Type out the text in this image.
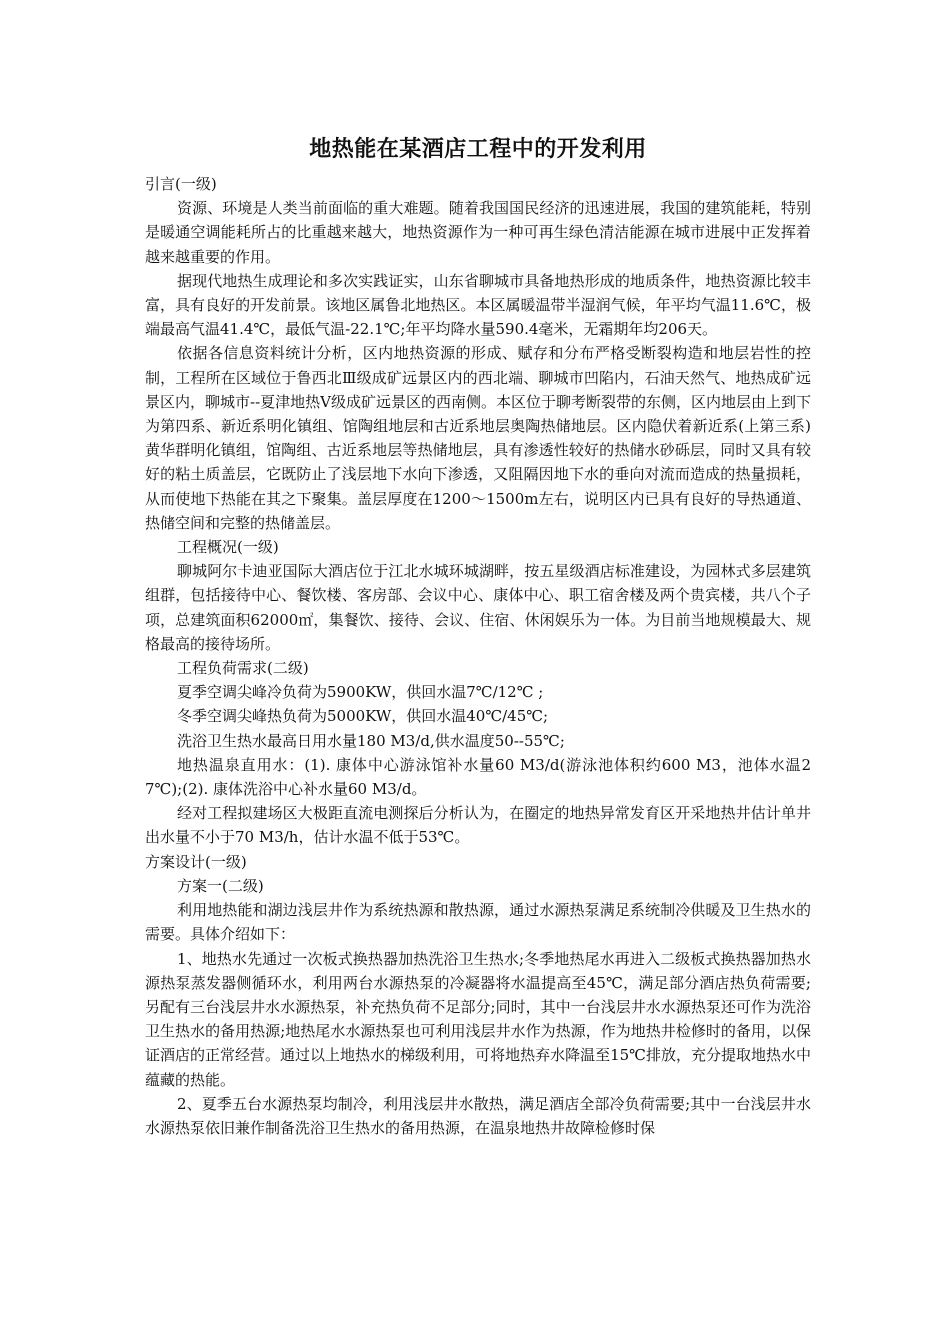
地热能在某酒店工程中的开发利用

引言(一级)

资源、环境是人类当前面临的重大难题。随着我国国民经济的迅速进展，我国的建筑能耗，特别是暖通空调能耗所占的比重越来越大，地热资源作为一种可再生绿色清洁能源在城市进展中正发挥着越来越重要的作用。

据现代地热生成理论和多次实践证实，山东省聊城市具备地热形成的地质条件，地热资源比较丰富，具有良好的开发前景。该地区属鲁北地热区。本区属暖温带半湿润气候，年平均气温11.6℃，极端最高气温41.4℃，最低气温-22.1℃;年平均降水量590.4毫米，无霜期年均206天。

依据各信息资料统计分析，区内地热资源的形成、赋存和分布严格受断裂构造和地层岩性的控制，工程所在区域位于鲁西北Ⅲ级成矿远景区内的西北端、聊城市凹陷内，石油天然气、地热成矿远景区内，聊城市--夏津地热Ⅴ级成矿远景区的西南侧。本区位于聊考断裂带的东侧，区内地层由上到下为第四系、新近系明化镇组、馆陶组地层和古近系地层奥陶热储地层。区内隐伏着新近系(上第三系)黄华群明化镇组，馆陶组、古近系地层等热储地层，具有渗透性较好的热储水砂砾层，同时又具有较好的粘土质盖层，它既防止了浅层地下水向下渗透，又阻隔因地下水的垂向对流而造成的热量损耗，从而使地下热能在其之下聚集。盖层厚度在1200～1500m左右，说明区内已具有良好的导热通道、热储空间和完整的热储盖层。

工程概况(一级)

聊城阿尔卡迪亚国际大酒店位于江北水城环城湖畔，按五星级酒店标准建设，为园林式多层建筑组群，包括接待中心、餐饮楼、客房部、会议中心、康体中心、职工宿舍楼及两个贵宾楼，共八个子项，总建筑面积62000㎡，集餐饮、接待、会议、住宿、休闲娱乐为一体。为目前当地规模最大、规格最高的接待场所。

工程负荷需求(二级)

夏季空调尖峰冷负荷为5900KW，供回水温7℃/12℃ ;

冬季空调尖峰热负荷为5000KW，供回水温40℃/45℃;

洗浴卫生热水最高日用水量180 M3/d,供水温度50--55℃;

地热温泉直用水：(1). 康体中心游泳馆补水量60 M3/d(游泳池体积约600 M3，池体水温27℃);(2). 康体洗浴中心补水量60 M3/d。

经对工程拟建场区大极距直流电测探后分析认为，在圈定的地热异常发育区开采地热井估计单井出水量不小于70 M3/h，估计水温不低于53℃。

方案设计(一级)

方案一(二级)

利用地热能和湖边浅层井作为系统热源和散热源，通过水源热泵满足系统制冷供暖及卫生热水的需要。具体介绍如下：

1、地热水先通过一次板式换热器加热洗浴卫生热水;冬季地热尾水再进入二级板式换热器加热水源热泵蒸发器侧循环水，利用两台水源热泵的冷凝器将水温提高至45℃，满足部分酒店热负荷需要;另配有三台浅层井水水源热泵，补充热负荷不足部分;同时，其中一台浅层井水水源热泵还可作为洗浴卫生热水的备用热源;地热尾水水源热泵也可利用浅层井水作为热源，作为地热井检修时的备用，以保证酒店的正常经营。通过以上地热水的梯级利用，可将地热弃水降温至15℃排放，充分提取地热水中蕴藏的热能。

2、夏季五台水源热泵均制冷，利用浅层井水散热，满足酒店全部冷负荷需要;其中一台浅层井水水源热泵依旧兼作制备洗浴卫生热水的备用热源，在温泉地热井故障检修时保
